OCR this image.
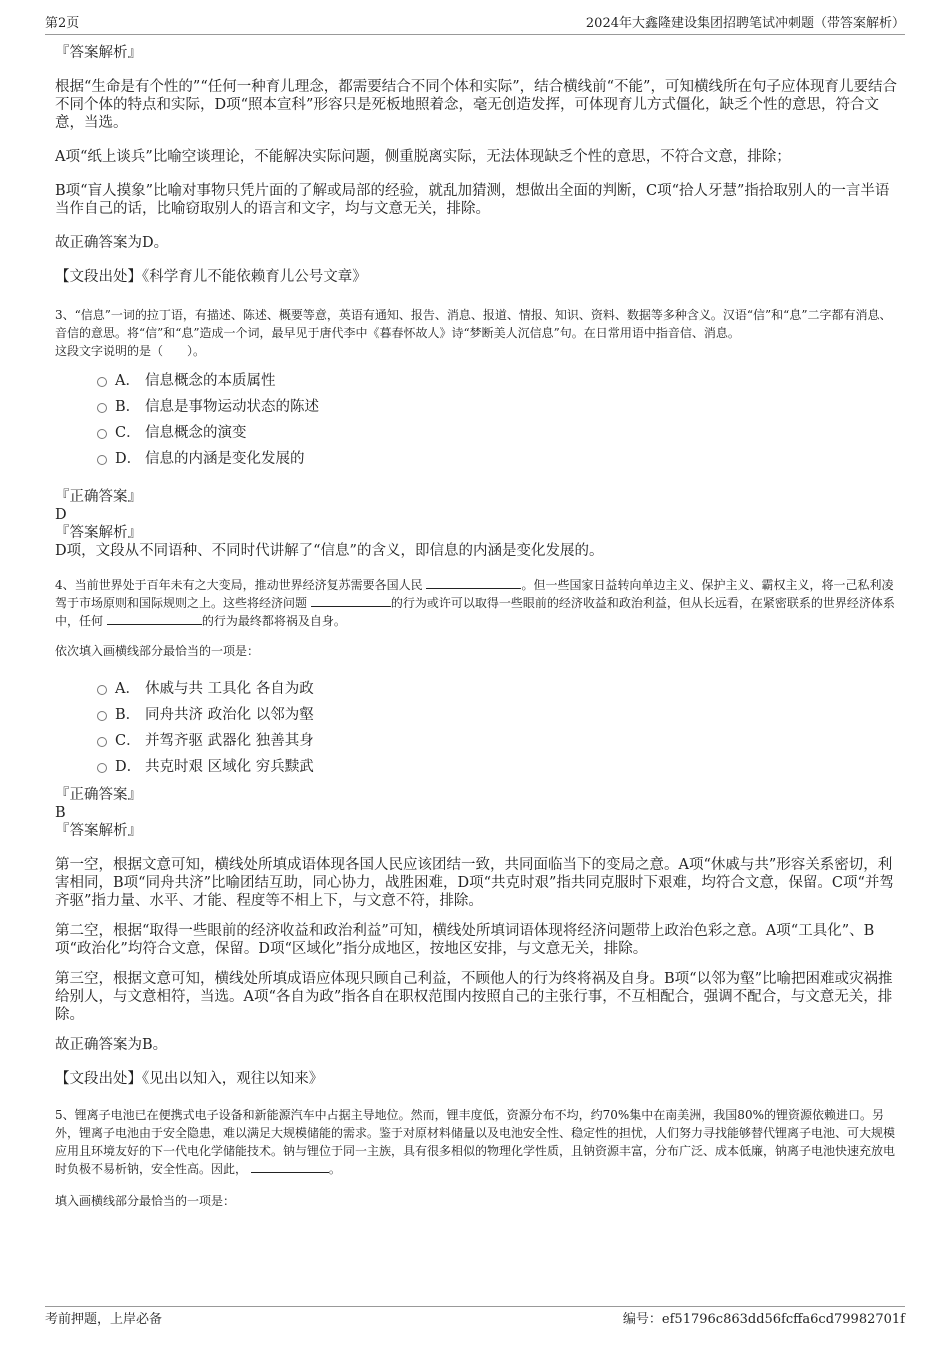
第2页	2024年大鑫隆建设集团招聘笔试冲刺题（带答案解析）

『答案解析』

根据“生命是有个性的”“任何一种育儿理念，都需要结合不同个体和实际”，结合横线前“不能”，可知横线所在句子应体现育儿要结合不同个体的特点和实际，D项“照本宣科”形容只是死板地照着念，毫无创造发挥，可体现育儿方式僵化，缺乏个性的意思，符合文意，当选。

A项“纸上谈兵”比喻空谈理论，不能解决实际问题，侧重脱离实际，无法体现缺乏个性的意思，不符合文意，排除；

B项“盲人摸象”比喻对事物只凭片面的了解或局部的经验，就乱加猜测，想做出全面的判断，C项“拾人牙慧”指拾取别人的一言半语当作自己的话，比喻窃取别人的语言和文字，均与文意无关，排除。

故正确答案为D。

【文段出处】《科学育儿不能依赖育儿公号文章》

3、“信息”一词的拉丁语，有描述、陈述、概要等意，英语有通知、报告、消息、报道、情报、知识、资料、数据等多种含义。汉语“信”和“息”二字都有消息、音信的意思。将“信”和“息”造成一个词，最早见于唐代李中《暮春怀故人》诗“梦断美人沉信息”句。在日常用语中指音信、消息。

这段文字说明的是（　　）。

A． 信息概念的本质属性
B． 信息是事物运动状态的陈述
C． 信息概念的演变
D． 信息的内涵是变化发展的

『正确答案』

D

『答案解析』

D项，文段从不同语种、不同时代讲解了“信息”的含义，即信息的内涵是变化发展的。

4、当前世界处于百年未有之大变局，推动世界经济复苏需要各国人民	。但一些国家日益转向单边主义、保护主义、霸权主义，将一己私利凌驾于市场原则和国际规则之上。这些将经济问题	的行为或许可以取得一些眼前的经济收益和政治利益，但从长远看，在紧密联系的世界经济体系中，任何	的行为最终都将祸及自身。

依次填入画横线部分最恰当的一项是：

A． 休戚与共 工具化 各自为政
B． 同舟共济 政治化 以邻为壑
C． 并驾齐驱 武器化 独善其身
D． 共克时艰 区域化 穷兵黩武

『正确答案』

B

『答案解析』

第一空，根据文意可知，横线处所填成语体现各国人民应该团结一致，共同面临当下的变局之意。A项“休戚与共”形容关系密切，利害相同，B项“同舟共济”比喻团结互助，同心协力，战胜困难，D项“共克时艰”指共同克服时下艰难，均符合文意，保留。C项“并驾齐驱”指力量、水平、才能、程度等不相上下，与文意不符，排除。

第二空，根据“取得一些眼前的经济收益和政治利益”可知，横线处所填词语体现将经济问题带上政治色彩之意。A项“工具化”、B项“政治化”均符合文意，保留。D项“区域化”指分成地区，按地区安排，与文意无关，排除。

第三空，根据文意可知，横线处所填成语应体现只顾自己利益，不顾他人的行为终将祸及自身。B项“以邻为壑”比喻把困难或灾祸推给别人，与文意相符，当选。A项“各自为政”指各自在职权范围内按照自己的主张行事，不互相配合，强调不配合，与文意无关，排除。

故正确答案为B。

【文段出处】《见出以知入，观往以知来》

5、锂离子电池已在便携式电子设备和新能源汽车中占据主导地位。然而，锂丰度低，资源分布不均，约70%集中在南美洲，我国80%的锂资源依赖进口。另外，锂离子电池由于安全隐患，难以满足大规模储能的需求。鉴于对原材料储量以及电池安全性、稳定性的担忧，人们努力寻找能够替代锂离子电池、可大规模应用且环境友好的下一代电化学储能技术。钠与锂位于同一主族，具有很多相似的物理化学性质，且钠资源丰富，分布广泛、成本低廉，钠离子电池快速充放电时负极不易析钠，安全性高。因此，	。

填入画横线部分最恰当的一项是：

考前押题，上岸必备	编号：ef51796c863dd56fcffa6cd79982701f
